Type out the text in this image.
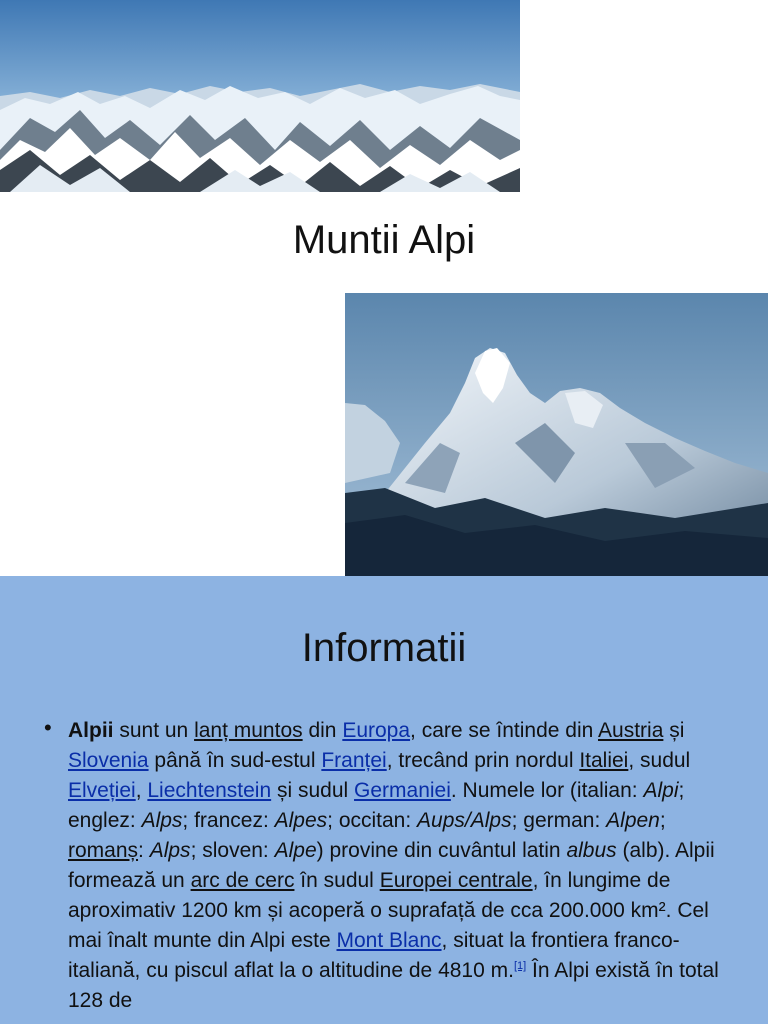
Muntii Alpi
Informatii
• Alpii sunt un lanț muntos din Europa, care se întinde din Austria și Slovenia până în sud-estul Franței, trecând prin nordul Italiei, sudul Elveției, Liechtenstein și sudul Germaniei. Numele lor (italian: Alpi; englez: Alps; francez: Alpes; occitan: Aups/Alps; german: Alpen; romanș: Alps; sloven: Alpe) provine din cuvântul latin albus (alb). Alpii formează un arc de cerc în sudul Europei centrale, în lungime de aproximativ 1200 km și acoperă o suprafață de cca 200.000 km². Cel mai înalt munte din Alpi este Mont Blanc, situat la frontiera franco-italiană, cu piscul aflat la o altitudine de 4810 m.[1] În Alpi există în total 128 de
